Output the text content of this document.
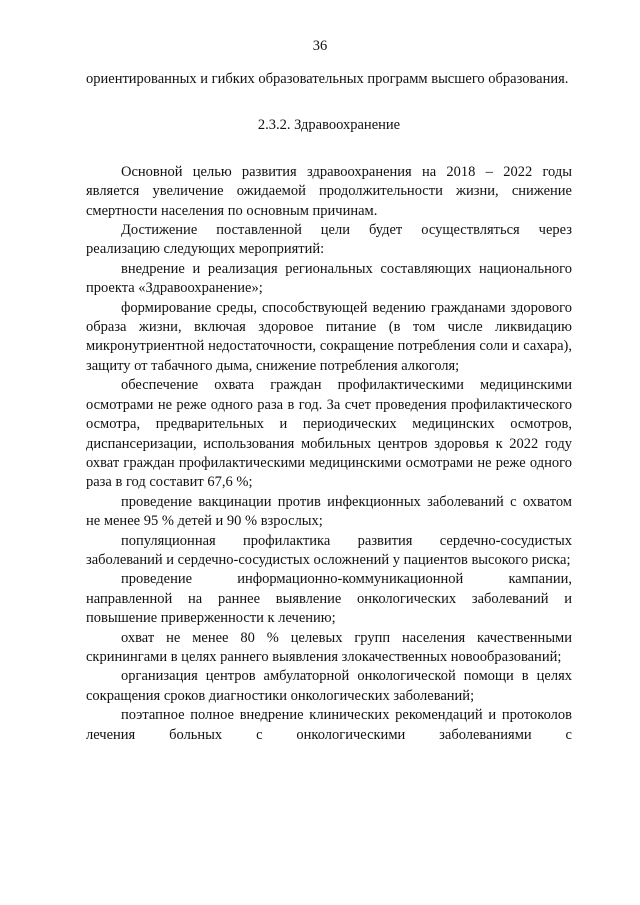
36

ориентированных и гибких образовательных программ высшего образования.

2.3.2. Здравоохранение

Основной целью развития здравоохранения на 2018 – 2022 годы является увеличение ожидаемой продолжительности жизни, снижение смертности населения по основным причинам.

Достижение поставленной цели будет осуществляться через реализацию следующих мероприятий:

внедрение и реализация региональных составляющих национального проекта «Здравоохранение»;

формирование среды, способствующей ведению гражданами здорового образа жизни, включая здоровое питание (в том числе ликвидацию микронутриентной недостаточности, сокращение потребления соли и сахара), защиту от табачного дыма, снижение потребления алкоголя;

обеспечение охвата граждан профилактическими медицинскими осмотрами не реже одного раза в год. За счет проведения профилактического осмотра, предварительных и периодических медицинских осмотров, диспансеризации, использования мобильных центров здоровья к 2022 году охват граждан профилактическими медицинскими осмотрами не реже одного раза в год составит 67,6 %;

проведение вакцинации против инфекционных заболеваний с охватом не менее 95 % детей и 90 % взрослых;

популяционная профилактика развития сердечно-сосудистых заболеваний и сердечно-сосудистых осложнений у пациентов высокого риска;

проведение информационно-коммуникационной кампании, направленной на раннее выявление онкологических заболеваний и повышение приверженности к лечению;

охват не менее 80 % целевых групп населения качественными скринингами в целях раннего выявления злокачественных новообразований;

организация центров амбулаторной онкологической помощи в целях сокращения сроков диагностики онкологических заболеваний;

поэтапное полное внедрение клинических рекомендаций и протоколов лечения больных с онкологическими заболеваниями с
